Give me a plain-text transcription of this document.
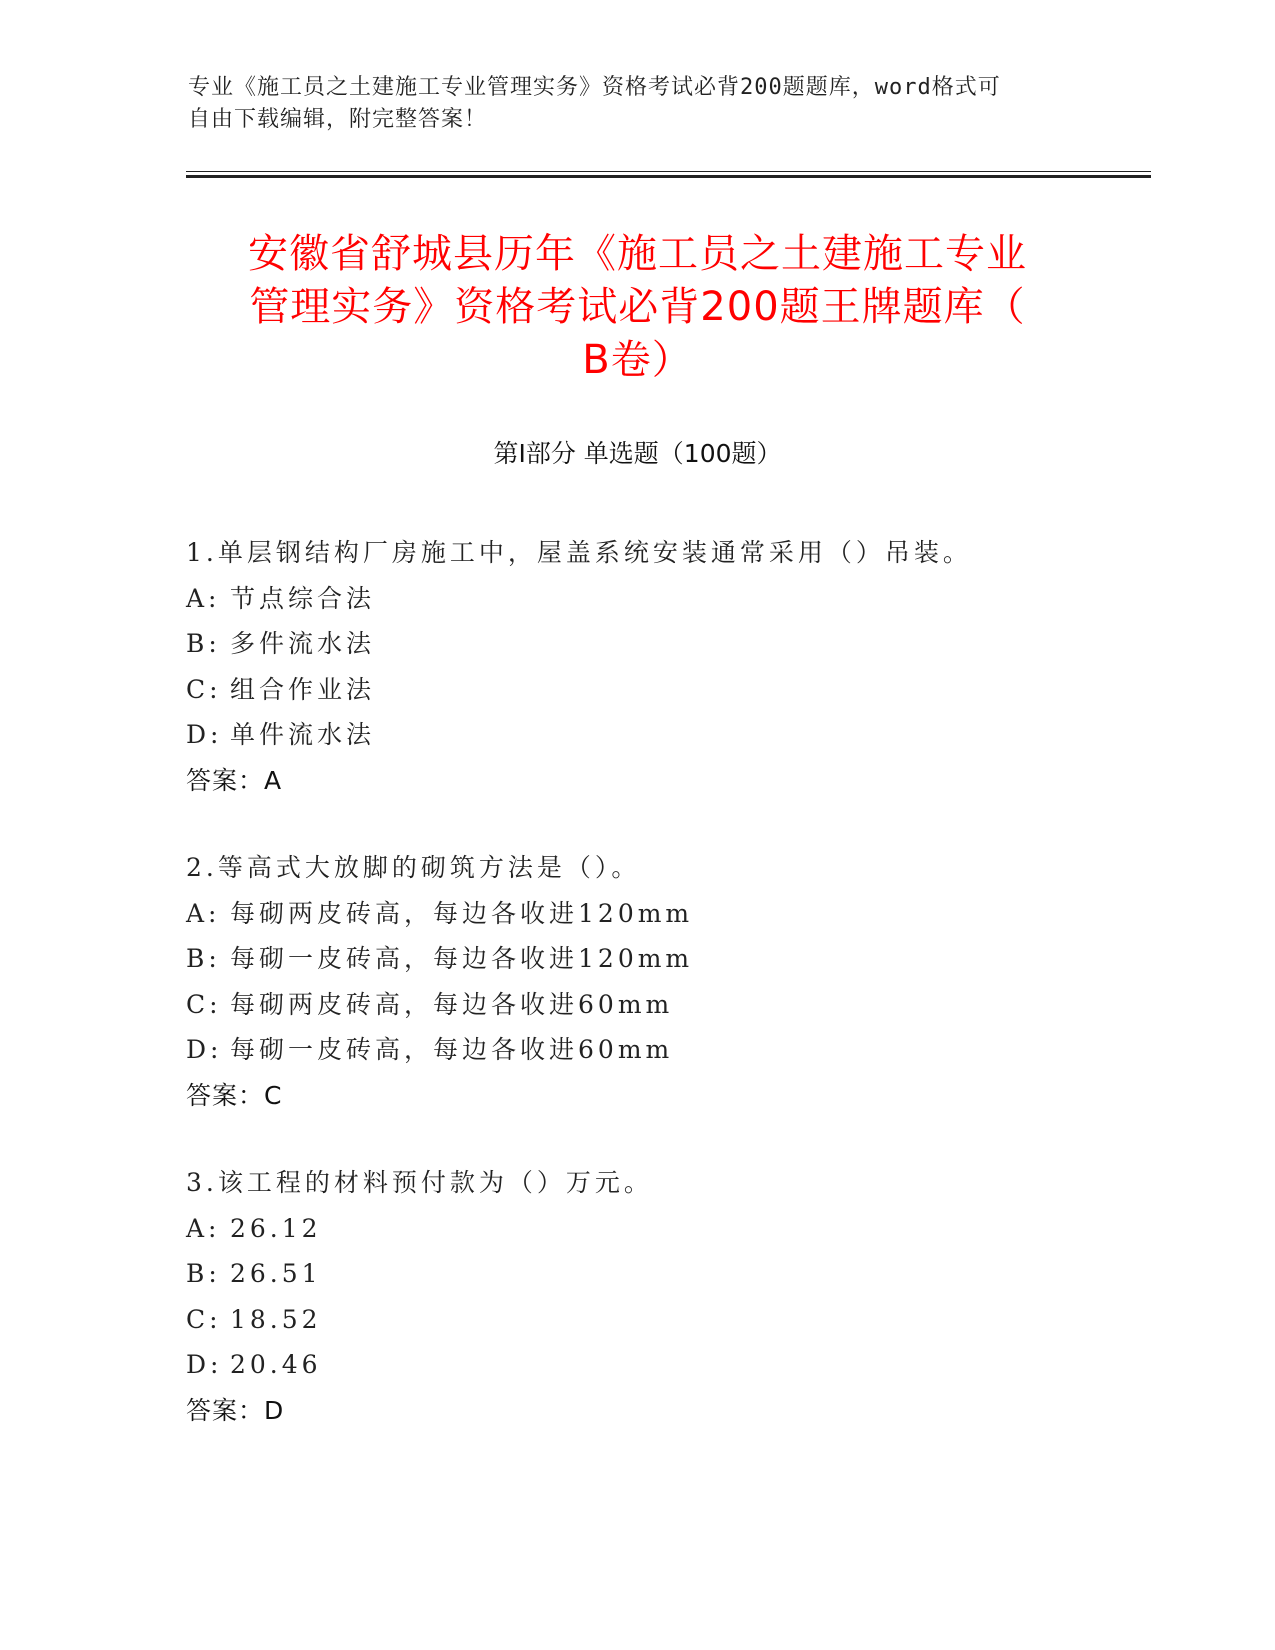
专业《施工员之土建施工专业管理实务》资格考试必背200题题库，word格式可
自由下载编辑，附完整答案！
安徽省舒城县历年《施工员之土建施工专业
管理实务》资格考试必背200题王牌题库（
B卷）
第Ⅰ部分 单选题（100题）
1.单层钢结构厂房施工中，屋盖系统安装通常采用（）吊装。
A: 节点综合法
B: 多件流水法
C: 组合作业法
D: 单件流水法
答案：A
2.等高式大放脚的砌筑方法是（）。
A: 每砌两皮砖高，每边各收进120mm
B: 每砌一皮砖高，每边各收进120mm
C: 每砌两皮砖高，每边各收进60mm
D: 每砌一皮砖高，每边各收进60mm
答案：C
3.该工程的材料预付款为（）万元。
A: 26.12
B: 26.51
C: 18.52
D: 20.46
答案：D
